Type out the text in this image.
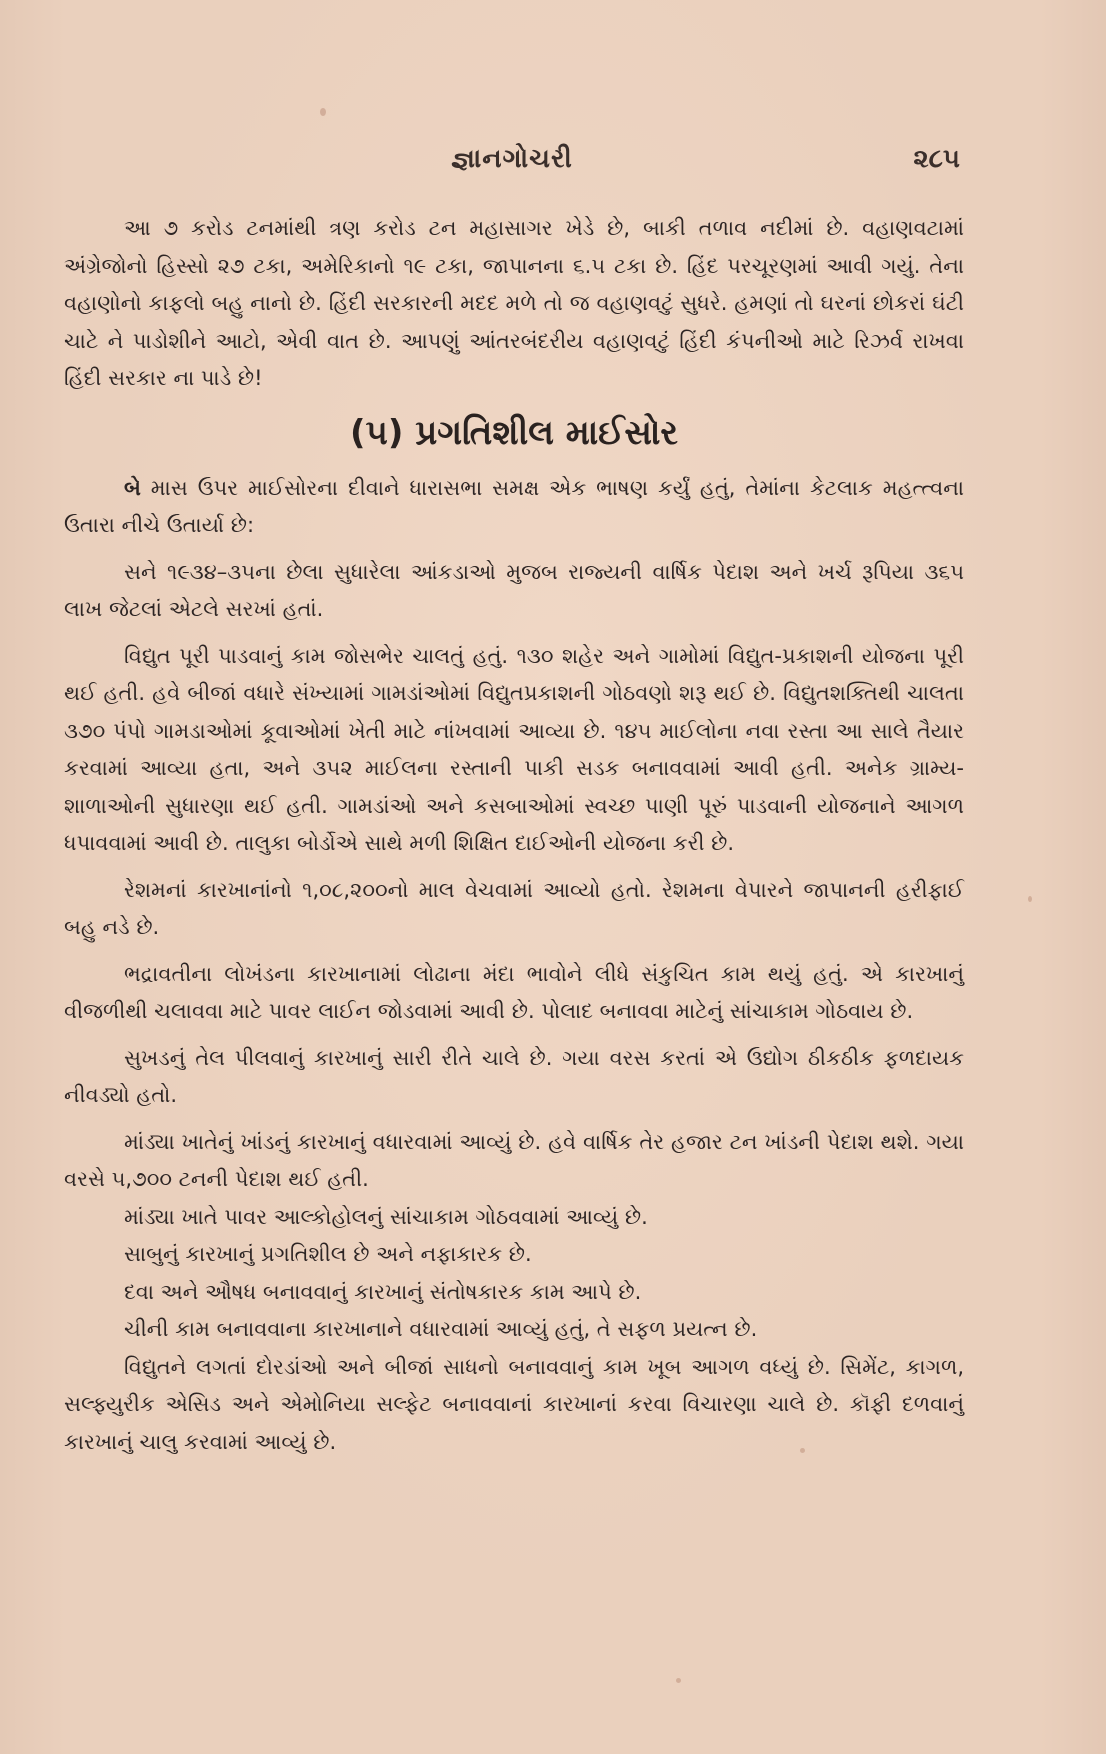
જ્ઞાનગોચરી	૨૮૫

આ ૭ કરોડ ટનમાંથી ત્રણ કરોડ ટન મહાસાગર ખેડે છે, બાકી તળાવ નદીમાં છે. વહાણવટામાં અંગ્રેજોનો હિસ્સો ૨૭ ટકા, અમેરિકાનો ૧૯ ટકા, જાપાનના ૬.૫ ટકા છે. હિંદ પરચૂરણમાં આવી ગયું. તેના વહાણોનો કાફલો બહુ નાનો છે. હિંદી સરકારની મદદ મળે તો જ વહાણવટું સુધરે. હમણાં તો ઘરનાં છોકરાં ઘંટી ચાટે ને પાડોશીને આટો, એવી વાત છે. આપણું આંતરબંદરીય વહાણવટું હિંદી કંપનીઓ માટે રિઝર્વ રાખવા હિંદી સરકાર ના પાડે છે!

(૫) પ્રગતિશીલ માઈસોર

બે માસ ઉપર માઈસોરના દીવાને ધારાસભા સમક્ષ એક ભાષણ કર્યું હતું, તેમાંના કેટલાક મહત્ત્વના ઉતારા નીચે ઉતાર્યા છે:

સને ૧૯૩૪–૩૫ના છેલા સુધારેલા આંકડાઓ મુજબ રાજ્યની વાર્ષિક પેદાશ અને ખર્ચ રૂપિયા ૩૬૫ લાખ જેટલાં એટલે સરખાં હતાં.

વિદ્યુત પૂરી પાડવાનું કામ જોસભેર ચાલતું હતું. ૧૩૦ શહેર અને ગામોમાં વિદ્યુત-પ્રકાશની યોજના પૂરી થઈ હતી. હવે બીજાં વધારે સંખ્યામાં ગામડાંઓમાં વિદ્યુતપ્રકાશની ગોઠવણો શરૂ થઈ છે. વિદ્યુતશક્તિથી ચાલતા ૩૭૦ પંપો ગામડાઓમાં કૂવાઓમાં ખેતી માટે નાંખવામાં આવ્યા છે. ૧૪૫ માઈલોના નવા રસ્તા આ સાલે તૈયાર કરવામાં આવ્યા હતા, અને ૩૫૨ માઈલના રસ્તાની પાકી સડક બનાવવામાં આવી હતી. અનેક ગ્રામ્ય-શાળાઓની સુધારણા થઈ હતી. ગામડાંઓ અને કસબાઓમાં સ્વચ્છ પાણી પૂરું પાડવાની યોજનાને આગળ ધપાવવામાં આવી છે. તાલુકા બોર્ડોએ સાથે મળી શિક્ષિત દાઈઓની યોજના કરી છે.

રેશમનાં કારખાનાંનો ૧,૦૮,૨૦૦નો માલ વેચવામાં આવ્યો હતો. રેશમના વેપારને જાપાનની હરીફાઈ બહુ નડે છે.

ભદ્રાવતીના લોખંડના કારખાનામાં લોઢાના મંદા ભાવોને લીધે સંકુચિત કામ થયું હતું. એ કારખાનું વીજળીથી ચલાવવા માટે પાવર લાઈન જોડવામાં આવી છે. પોલાદ બનાવવા માટેનું સાંચાકામ ગોઠવાય છે.

સુખડનું તેલ પીલવાનું કારખાનું સારી રીતે ચાલે છે. ગયા વરસ કરતાં એ ઉદ્યોગ ઠીકઠીક ફળદાયક નીવડ્યો હતો.

માંડ્યા ખાતેનું ખાંડનું કારખાનું વધારવામાં આવ્યું છે. હવે વાર્ષિક તેર હજાર ટન ખાંડની પેદાશ થશે. ગયા વરસે ૫,૭૦૦ ટનની પેદાશ થઈ હતી.

માંડ્યા ખાતે પાવર આલ્કોહોલનું સાંચાકામ ગોઠવવામાં આવ્યું છે.

સાબુનું કારખાનું પ્રગતિશીલ છે અને નફાકારક છે.

દવા અને ઔષધ બનાવવાનું કારખાનું સંતોષકારક કામ આપે છે.

ચીની કામ બનાવવાના કારખાનાને વધારવામાં આવ્યું હતું, તે સફળ પ્રયત્ન છે.

વિદ્યુતને લગતાં દોરડાંઓ અને બીજાં સાધનો બનાવવાનું કામ ખૂબ આગળ વધ્યું છે. સિમેંટ, કાગળ, સલ્ફ્યુરીક એસિડ અને એમોનિયા સલ્ફેટ બનાવવાનાં કારખાનાં કરવા વિચારણા ચાલે છે. કૉફી દળવાનું કારખાનું ચાલુ કરવામાં આવ્યું છે.
